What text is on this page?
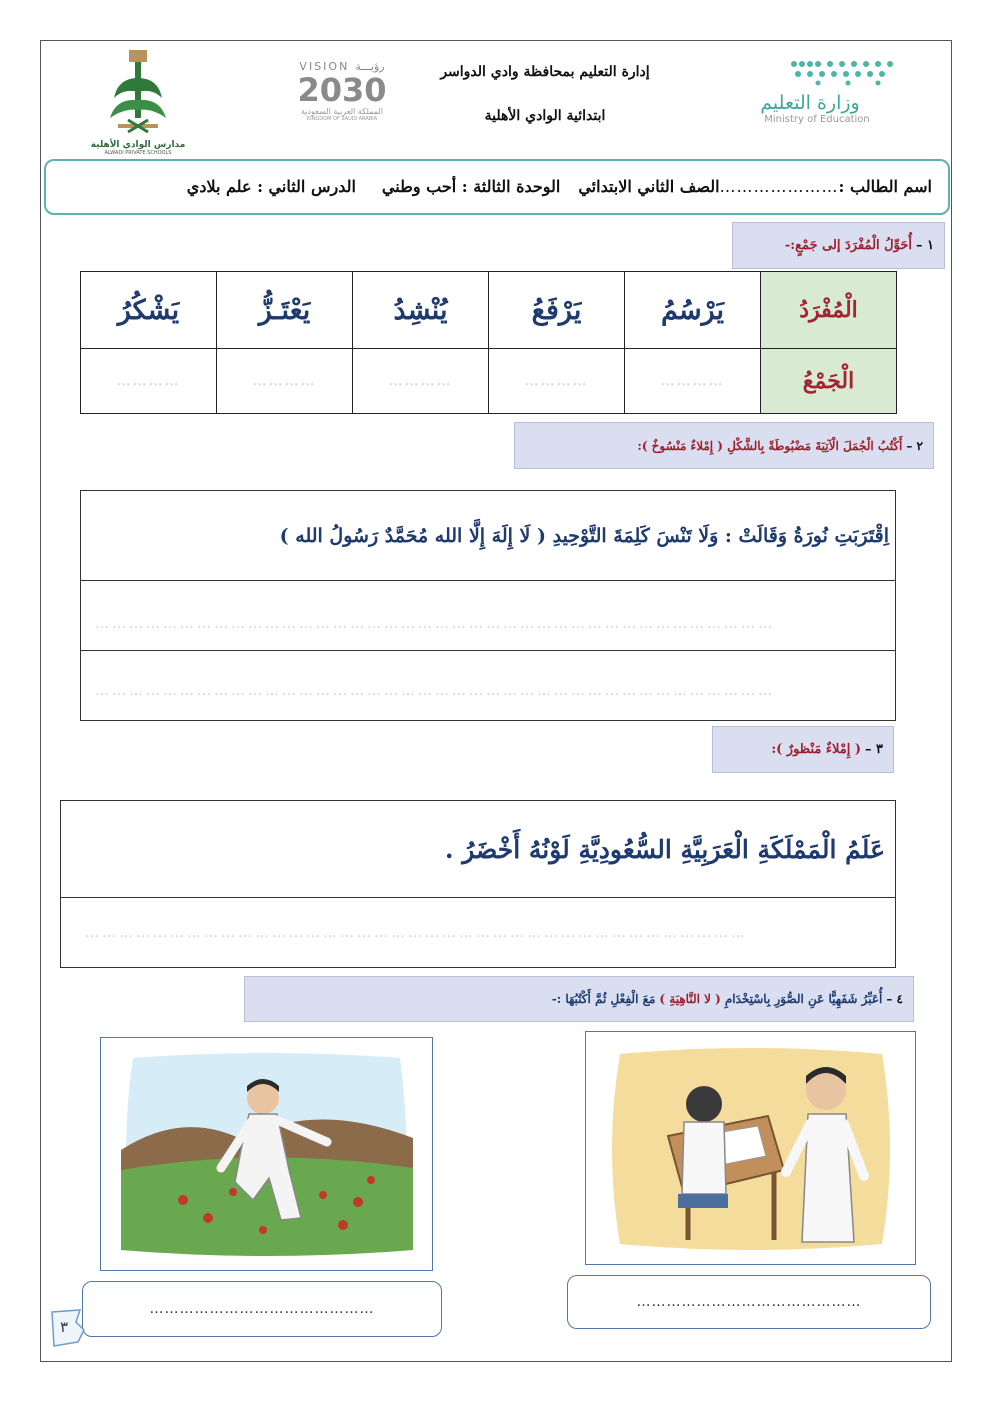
مدارس الوادي الأهلية
ALWADI PRIVATE SCHOOLS
VISION رؤيـــة
2030
المملكة العربية السعودية
KINGDOM OF SAUDI ARABIA
إدارة التعليم بمحافظة وادي الدواسر
ابتدائية الوادي الأهلية
وزارة التعليم
Ministry of Education
اسم الطالب :
…………………
الصف الثاني الابتدائي
الوحدة الثالثة : أحب وطني
الدرس الثاني : علم بلادي
١ –
أُحَوِّلُ الْمُفْرَدَ إلى جَمْعٍ:-
الْمُفْرَدُ	يَرْسُمُ	يَرْفَعُ	يُنْشِدُ	يَعْتَـزُّ	يَشْكُرُ
الْجَمْعُ	…………	…………	…………	…………	…………
٢ –
أَكْتُبُ الْجُمَلَ الْآتِيَةَ مَضْبُوطَةً بِالشَّكْلِ ( إِمْلاءٌ مَنْسُوخٌ ):
اِقْتَرَبَتِ نُورَةُ وَقَالَتْ : وَلَا تَنْسَ كَلِمَةَ التَّوْحِيدِ ( لَا إِلَهَ إِلَّا الله مُحَمَّدٌ رَسُولُ الله )
…………………………………………………………………………………………………………
…………………………………………………………………………………………………………
٣ –
( إِمْلاءٌ مَنْظورٌ ):
عَلَمُ الْمَمْلَكَةِ الْعَرَبِيَّةِ السُّعُودِيَّةِ لَوْنُهُ أَخْضَرُ .
………………………………………………………………………………………………………
٤ –
أُعَبِّرُ شَفَهِيًّا عَنِ الصُّوَرِ بِاسْتِخْدَامِ
( لا النَّاهِيَةِ )
مَعَ الْفِعْلِ ثُمَّ أَكْتُبُهَا :-
………………………………………
………………………………………
٣
